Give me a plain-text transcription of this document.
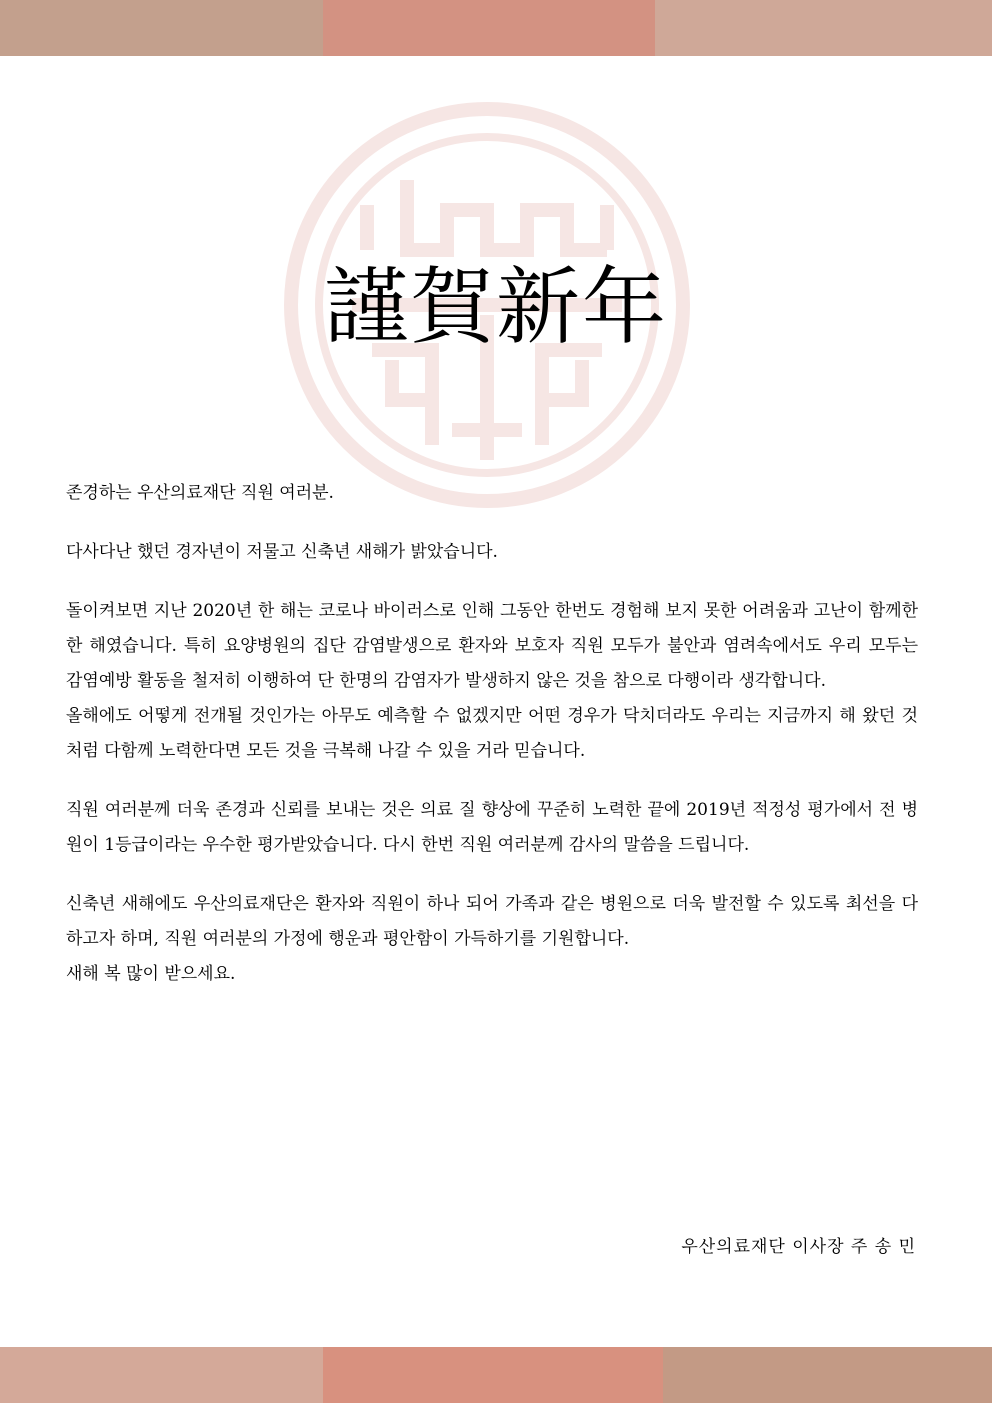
謹賀新年

존경하는 우산의료재단 직원 여러분.

다사다난 했던 경자년이 저물고 신축년 새해가 밝았습니다.

돌이켜보면 지난 2020년 한 해는 코로나 바이러스로 인해 그동안 한번도 경험해 보지 못한 어려움과 고난이 함께한 한 해였습니다. 특히 요양병원의 집단 감염발생으로 환자와 보호자 직원 모두가 불안과 염려속에서도 우리 모두는 감염예방 활동을 철저히 이행하여 단 한명의 감염자가 발생하지 않은 것을 참으로 다행이라 생각합니다.

올해에도 어떻게 전개될 것인가는 아무도 예측할 수 없겠지만 어떤 경우가 닥치더라도 우리는 지금까지 해 왔던 것처럼 다함께 노력한다면 모든 것을 극복해 나갈 수 있을 거라 믿습니다.

직원 여러분께 더욱 존경과 신뢰를 보내는 것은 의료 질 향상에 꾸준히 노력한 끝에 2019년 적정성 평가에서 전 병원이 1등급이라는 우수한 평가받았습니다. 다시 한번 직원 여러분께 감사의 말씀을 드립니다.

신축년 새해에도 우산의료재단은 환자와 직원이 하나 되어 가족과 같은 병원으로 더욱 발전할 수 있도록 최선을 다하고자 하며, 직원 여러분의 가정에 행운과 평안함이 가득하기를 기원합니다.

새해 복 많이 받으세요.

우산의료재단 이사장 주 송 민
